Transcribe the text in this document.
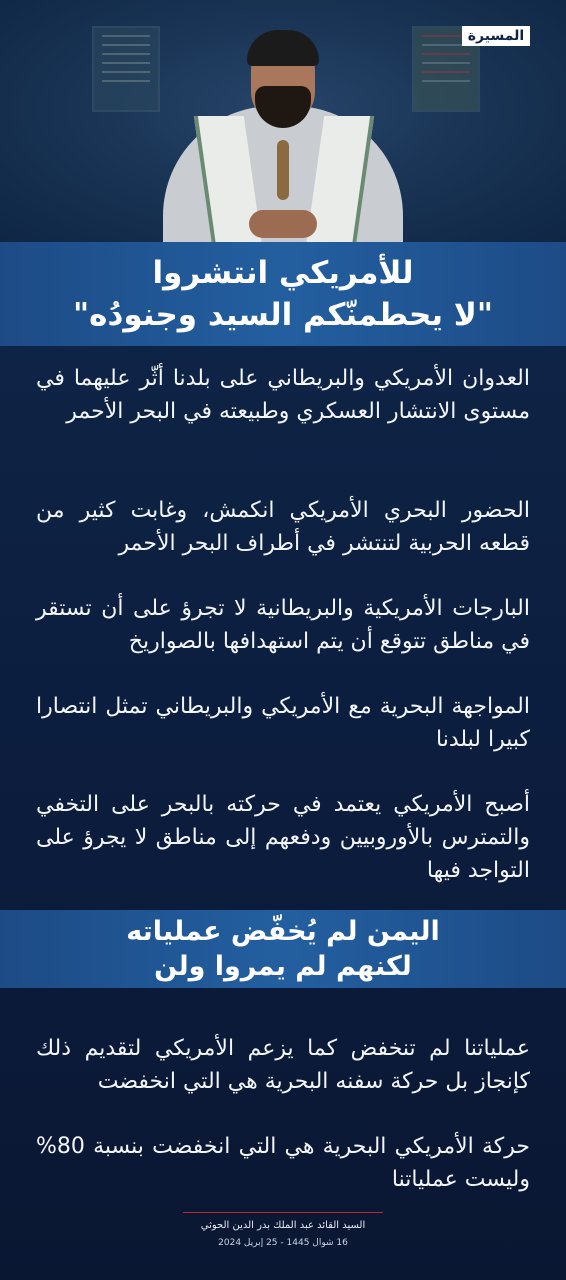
المسيرة
للأمريكي انتشروا
"لا يحطمنّكم السيد وجنودُه"
العدوان الأمريكي والبريطاني على بلدنا أثّر عليهما في مستوى الانتشار العسكري وطبيعته في البحر الأحمر
الحضور البحري الأمريكي انكمش، وغابت كثير من قطعه الحربية لتنتشر في أطراف البحر الأحمر
البارجات الأمريكية والبريطانية لا تجرؤ على أن تستقر في مناطق تتوقع أن يتم استهدافها بالصواريخ
المواجهة البحرية مع الأمريكي والبريطاني تمثل انتصارا كبيرا لبلدنا
أصبح الأمريكي يعتمد في حركته بالبحر على التخفي والتمترس بالأوروبيين ودفعهم إلى مناطق لا يجرؤ على التواجد فيها
اليمن لم يُخفّض عملياته
لكنهم لم يمروا ولن
عملياتنا لم تنخفض كما يزعم الأمريكي لتقديم ذلك كإنجاز بل حركة سفنه البحرية هي التي انخفضت
حركة الأمريكي البحرية هي التي انخفضت بنسبة 80% وليست عملياتنا
السيد القائد عبد الملك بدر الدين الحوثي
16 شوال 1445 - 25 إبريل 2024
